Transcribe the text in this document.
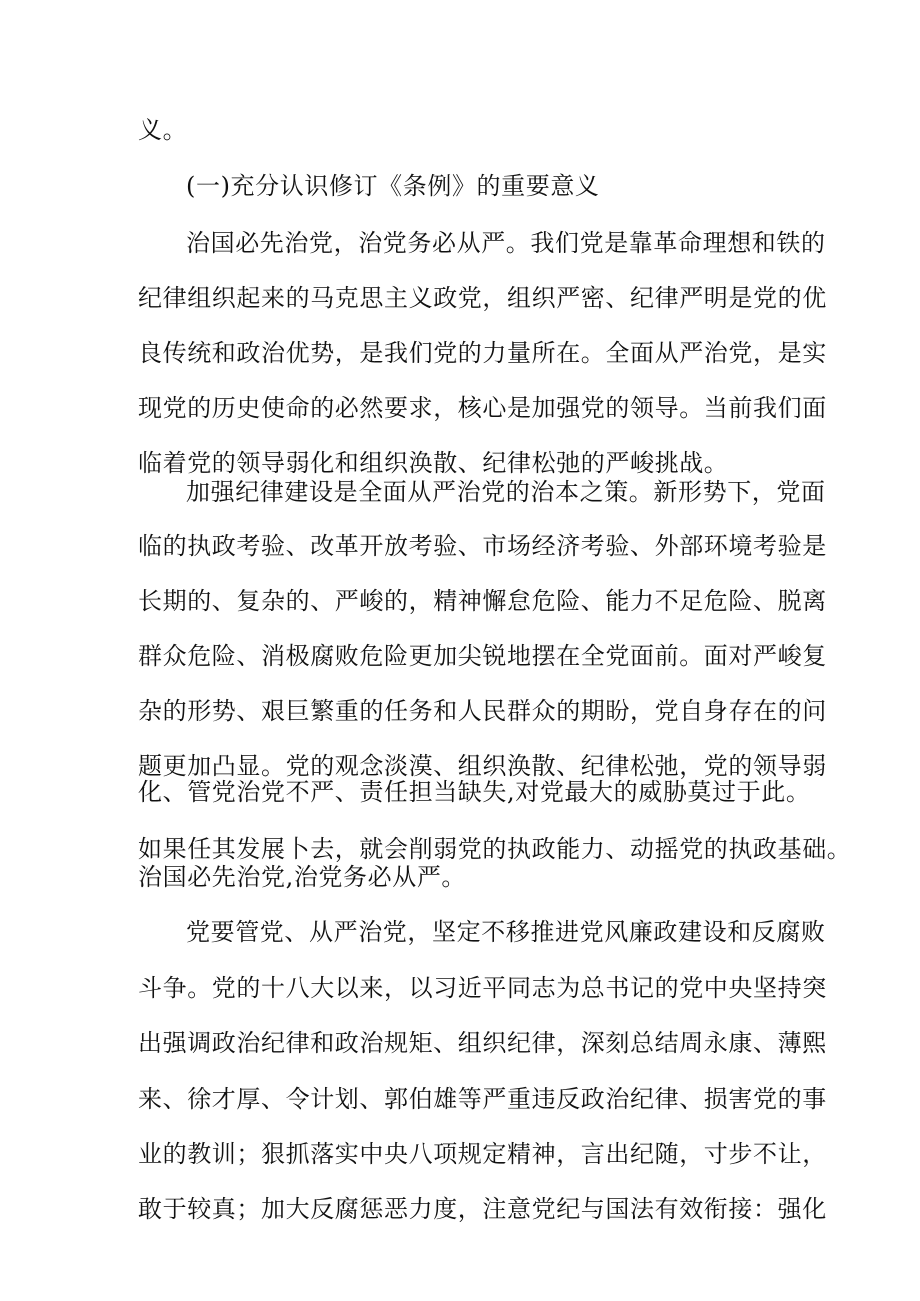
义。
(一)充分认识修订《条例》的重要意义
治国必先治党，治党务必从严。我们党是靠革命理想和铁的
纪律组织起来的马克思主义政党，组织严密、纪律严明是党的优
良传统和政治优势，是我们党的力量所在。全面从严治党，是实
现党的历史使命的必然要求，核心是加强党的领导。当前我们面
临着党的领导弱化和组织涣散、纪律松弛的严峻挑战。
加强纪律建设是全面从严治党的治本之策。新形势下，党面
临的执政考验、改革开放考验、市场经济考验、外部环境考验是
长期的、复杂的、严峻的，精神懈怠危险、能力不足危险、脱离
群众危险、消极腐败危险更加尖锐地摆在全党面前。面对严峻复
杂的形势、艰巨繁重的任务和人民群众的期盼，党自身存在的问
题更加凸显。党的观念淡漠、组织涣散、纪律松弛，党的领导弱
化、管党治党不严、责任担当缺失,对党最大的威胁莫过于此。
如果任其发展卜去，就会削弱党的执政能力、动摇党的执政基础。
治国必先治党,治党务必从严。
党要管党、从严治党，坚定不移推进党风廉政建设和反腐败
斗争。党的十八大以来，以习近平同志为总书记的党中央坚持突
出强调政治纪律和政治规矩、组织纪律，深刻总结周永康、薄熙
来、徐才厚、令计划、郭伯雄等严重违反政治纪律、损害党的事
业的教训；狠抓落实中央八项规定精神，言出纪随，寸步不让，
敢于较真；加大反腐惩恶力度，注意党纪与国法有效衔接：强化
